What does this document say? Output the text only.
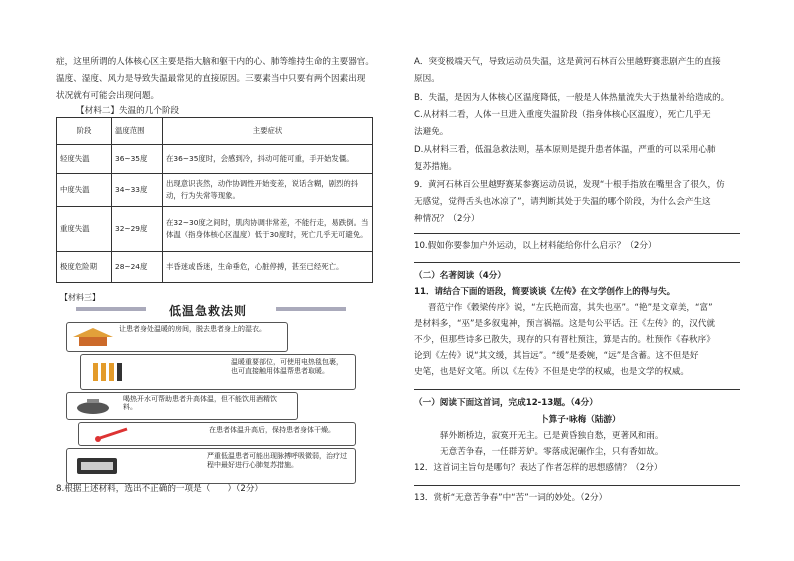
症，这里所谓的人体核心区主要是指大脑和躯干内的心、肺等维持生命的主要器官。
温度、湿度、风力是导致失温最常见的直接原因。三要素当中只要有两个因素出现
状况就有可能会出现问题。
【材料二】失温的几个阶段
阶段	温度范围	主要症状
轻度失温	36~35度	在36~35度时，会感到冷，抖动可能可重，手开始发僵。
中度失温	34~33度	出现意识丧然，动作协调性开始变差，说话含糊，剧烈的抖动，行为失常等现象。
重度失温	32~29度	在32~30度之间时，肌肉协调非常差，不能行走，易跌倒。当体温（指身体核心区温度）低于30度时，死亡几乎无可避免。
极度危险期	28~24度	丰昏迷或昏迷，生命垂危，心脏停搏，甚至已经死亡。
【材料三】
低温急救法则
让患者身处温暖的房间，脱去患者身上的湿衣。
温暖重要部位，可使用电热毯包裹，也可直接触用体温帮患者取暖。
喝热开水可帮助患者升高体温，但不能饮用酒精饮料。
在患者体温升高后，保持患者身体干燥。
严重低温患者可能出现脉搏呼吸微弱，治疗过程中最好进行心肺复苏措施。
8.根据上述材料，选出不正确的一项是（　　）（2分）
A．突变极端天气，导致运动员失温，这是黄河石林百公里越野赛悲剧产生的直接
原因。
B．失温，是因为人体核心区温度降低，一般是人体热量流失大于热量补给造成的。
C.从材料二看，人体一旦进入重度失温阶段（指身体核心区温度），死亡几乎无
法避免。
D.从材料三看，低温急救法则，基本原则是提升患者体温，严重的可以采用心肺
复苏措施。
9．黄河石林百公里越野赛某参赛运动员说，发现“十根手指放在嘴里含了很久，仿
无感觉，觉得舌头也冰凉了”，请判断其处于失温的哪个阶段，为什么会产生这
种情况？（2分）
10.假如你要参加户外运动，以上材料能给你什么启示？（2分）
（二）名著阅读（4分）
11．请结合下面的语段，简要谈谈《左传》在文学创作上的得与失。
晋范宁作《穀梁传序》说，“左氏艳而富，其失也巫”。“艳”是文章美，“富”
是材料多，“巫”是多叙鬼神，预言祸福。这是句公平话。汪《左传》的，汉代就
不少，但那些诗多已散失，现存的只有晋杜预注，算是古的。杜预作《春秋序》
论到《左传》说“其文缓，其旨远”。“缓”是委婉，“远”是含蓄。这不但是好
史笔，也是好文笔。所以《左传》不但是史学的权威，也是文学的权威。
（一）阅读下面这首词，完成12-13题。（4分）
卜算子·咏梅（陆游）
驿外断桥边，寂寞开无主。已是黄昏独自愁，更著风和雨。
无意苦争春，一任群芳妒。零落成泥碾作尘，只有香如故。
12．这首词主旨句是哪句？表达了作者怎样的思想感情？（2分）
13．赏析“无意苦争春”中“苦”一词的妙处。（2分）
